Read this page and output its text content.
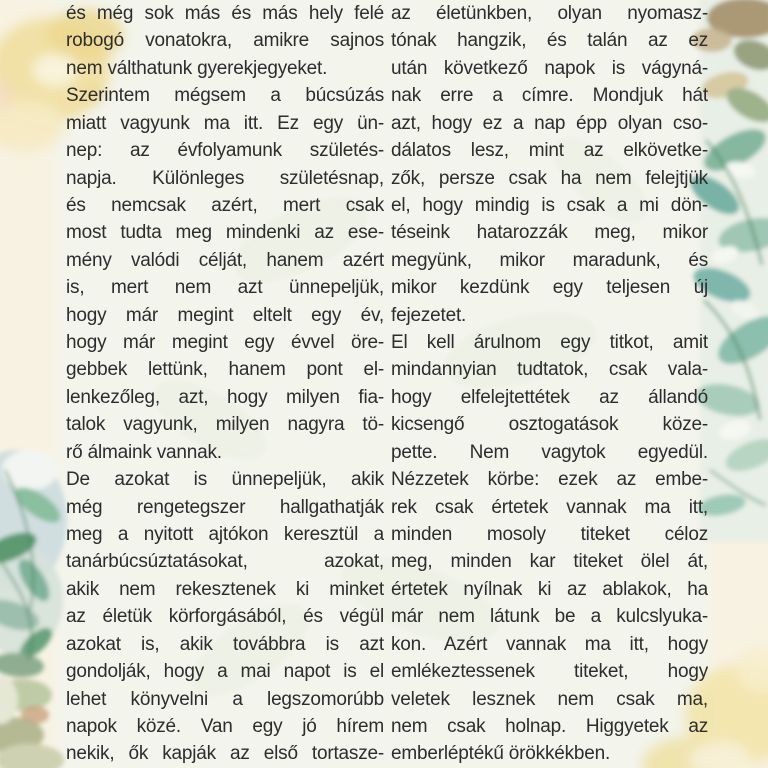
és még sok más és más hely felé
robogó vonatokra, amikre sajnos
nem válthatunk gyerekjegyeket.
Szerintem mégsem a búcsúzás
miatt vagyunk ma itt. Ez egy ün-
nep: az évfolyamunk születés-
napja. Különleges születésnap,
és nemcsak azért, mert csak
most tudta meg mindenki az ese-
mény valódi célját, hanem azért
is, mert nem azt ünnepeljük,
hogy már megint eltelt egy év,
hogy már megint egy évvel öre-
gebbek lettünk, hanem pont el-
lenkezőleg, azt, hogy milyen fia-
talok vagyunk, milyen nagyra tö-
rő álmaink vannak.
De azokat is ünnepeljük, akik
még rengetegszer hallgathatják
meg a nyitott ajtókon keresztül a
tanárbúcsúztatásokat, azokat,
akik nem rekesztenek ki minket
az életük körforgásából, és végül
azokat is, akik továbbra is azt
gondolják, hogy a mai napot is el
lehet könyvelni a legszomorúbb
napok közé. Van egy jó hírem
nekik, ők kapják az első tortasze-
az életünkben, olyan nyomasz-
tónak hangzik, és talán az ez
után következő napok is vágyná-
nak erre a címre. Mondjuk hát
azt, hogy ez a nap épp olyan cso-
dálatos lesz, mint az elkövetke-
zők, persze csak ha nem felejtjük
el, hogy mindig is csak a mi dön-
téseink hatarozzák meg, mikor
megyünk, mikor maradunk, és
mikor kezdünk egy teljesen új
fejezetet.
El kell árulnom egy titkot, amit
mindannyian tudtatok, csak vala-
hogy elfelejtettétek az állandó
kicsengő osztogatások köze-
pette. Nem vagytok egyedül.
Nézzetek körbe: ezek az embe-
rek csak értetek vannak ma itt,
minden mosoly titeket céloz
meg, minden kar titeket ölel át,
értetek nyílnak ki az ablakok, ha
már nem látunk be a kulcslyuka-
kon. Azért vannak ma itt, hogy
emlékeztessenek titeket, hogy
veletek lesznek nem csak ma,
nem csak holnap. Higgyetek az
emberléptékű örökkékben.
